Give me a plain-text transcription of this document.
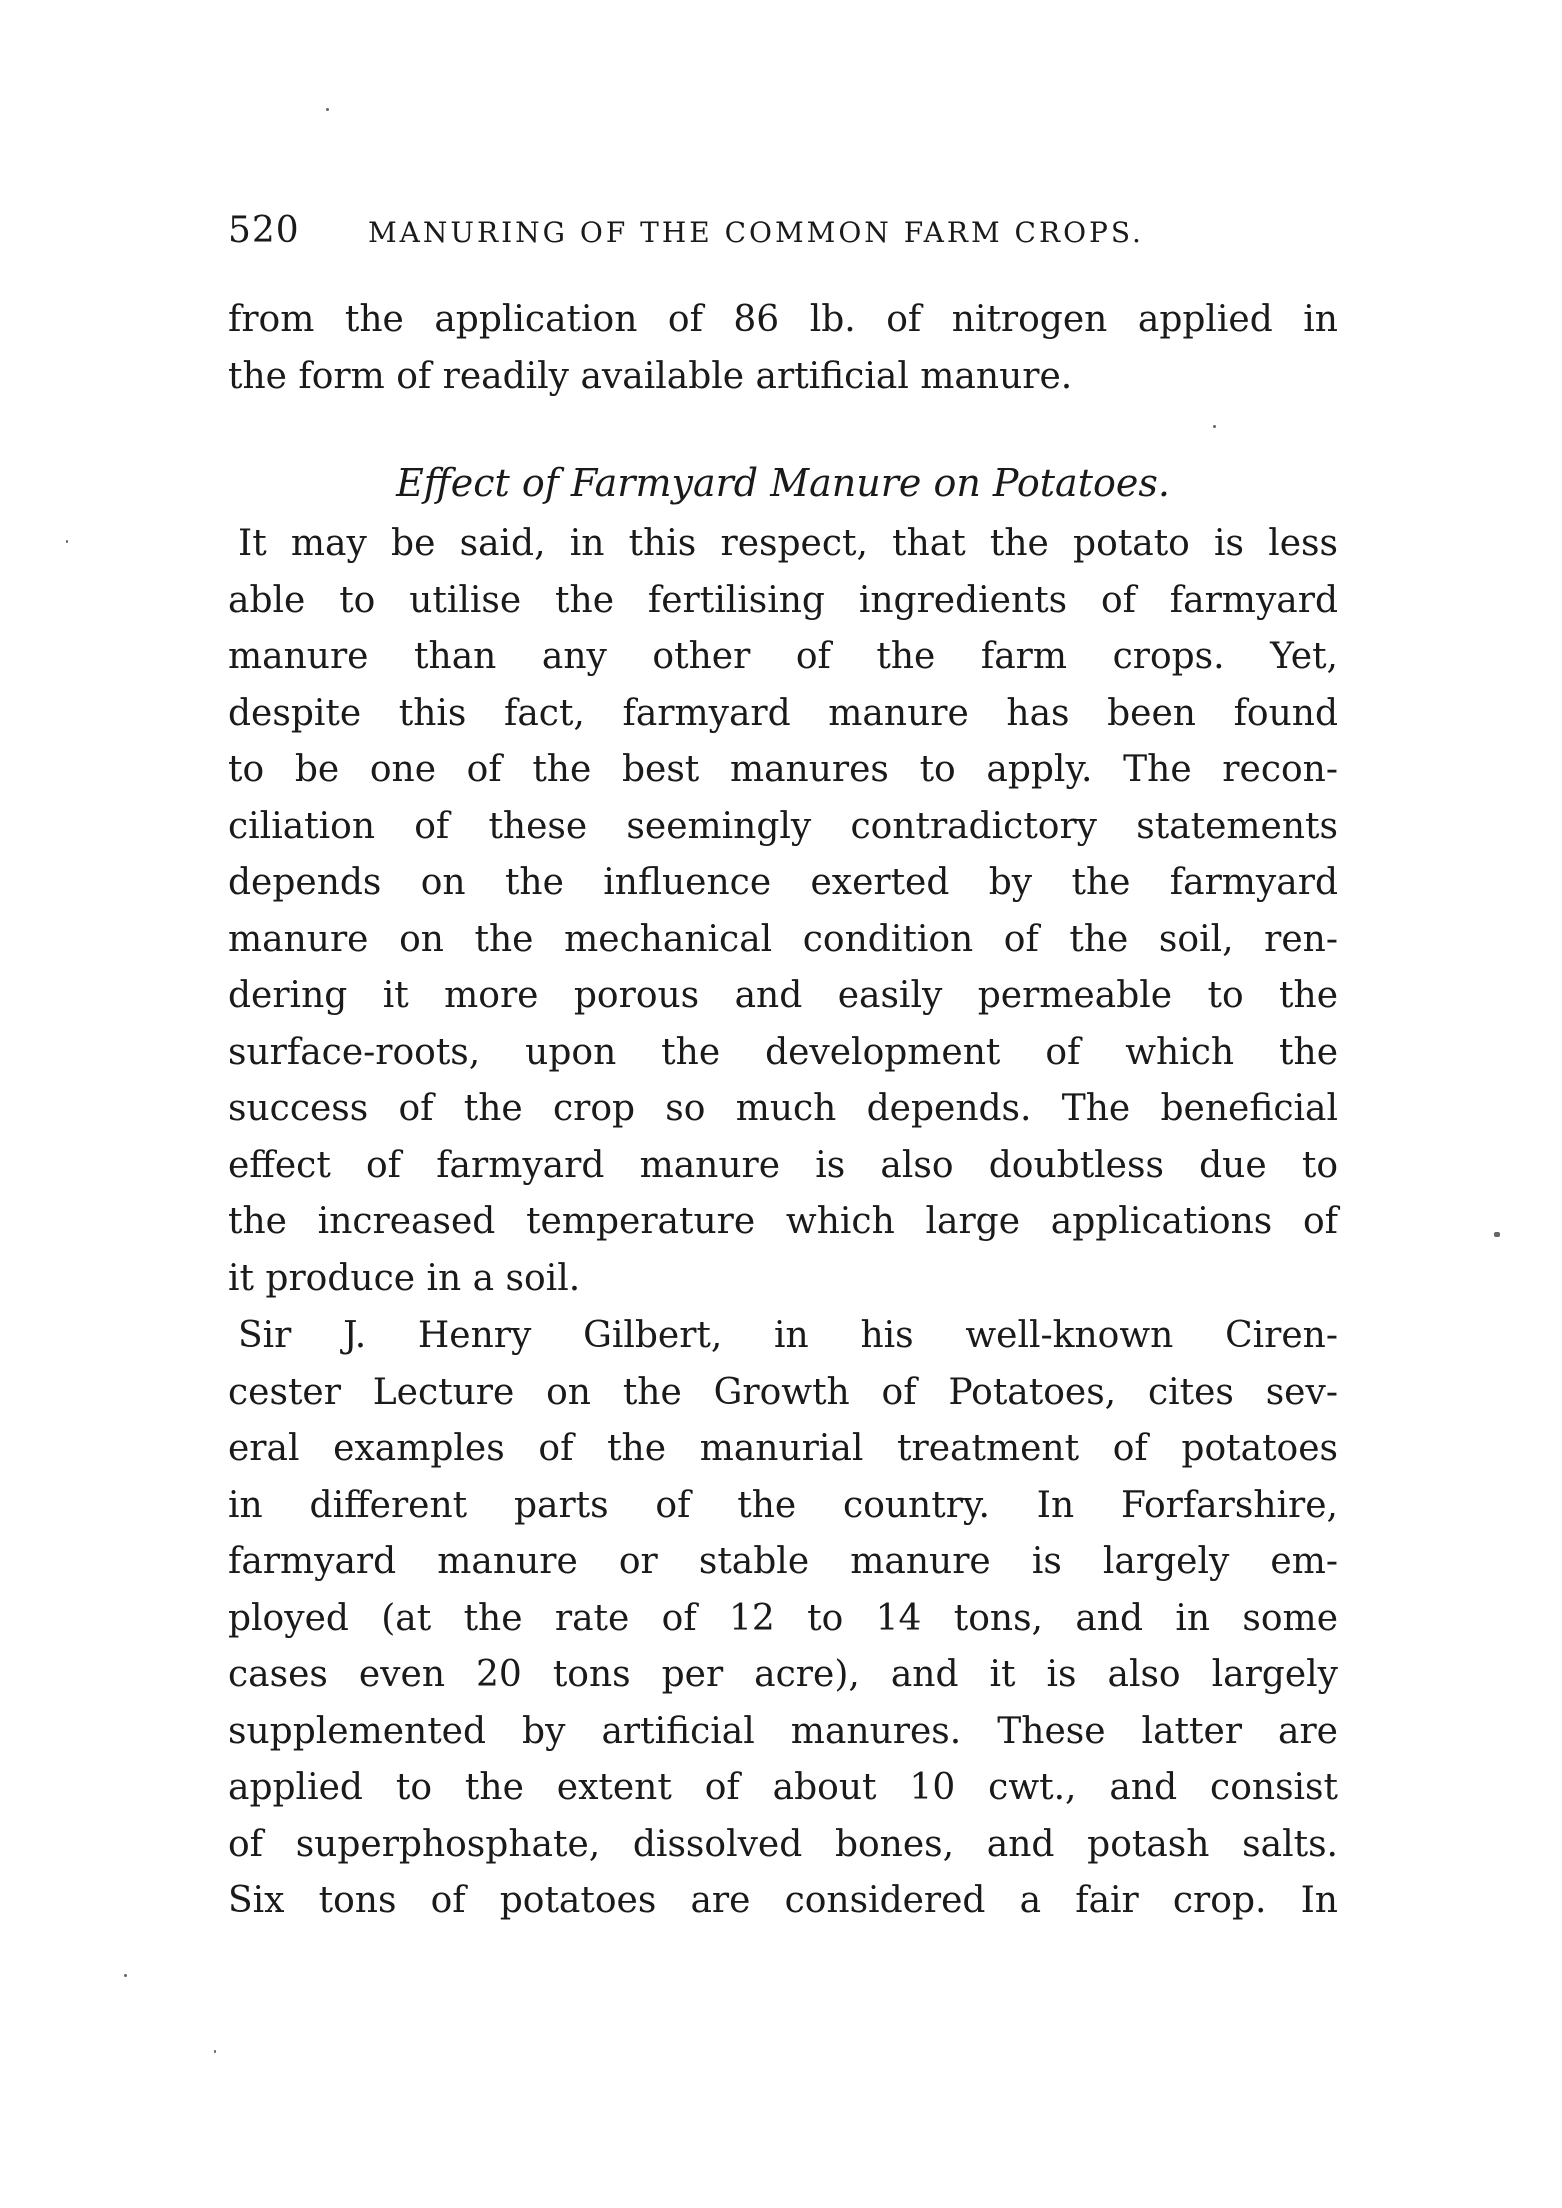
520 MANURING OF THE COMMON FARM CROPS.
from the application of 86 lb. of nitrogen applied in
the form of readily available artificial manure.
Effect of Farmyard Manure on Potatoes.
It may be said, in this respect, that the potato is less
able to utilise the fertilising ingredients of farmyard
manure than any other of the farm crops. Yet,
despite this fact, farmyard manure has been found
to be one of the best manures to apply. The recon-
ciliation of these seemingly contradictory statements
depends on the influence exerted by the farmyard
manure on the mechanical condition of the soil, ren-
dering it more porous and easily permeable to the
surface-roots, upon the development of which the
success of the crop so much depends. The beneficial
effect of farmyard manure is also doubtless due to
the increased temperature which large applications of
it produce in a soil.
Sir J. Henry Gilbert, in his well-known Ciren-
cester Lecture on the Growth of Potatoes, cites sev-
eral examples of the manurial treatment of potatoes
in different parts of the country. In Forfarshire,
farmyard manure or stable manure is largely em-
ployed (at the rate of 12 to 14 tons, and in some
cases even 20 tons per acre), and it is also largely
supplemented by artificial manures. These latter are
applied to the extent of about 10 cwt., and consist
of superphosphate, dissolved bones, and potash salts.
Six tons of potatoes are considered a fair crop. In
